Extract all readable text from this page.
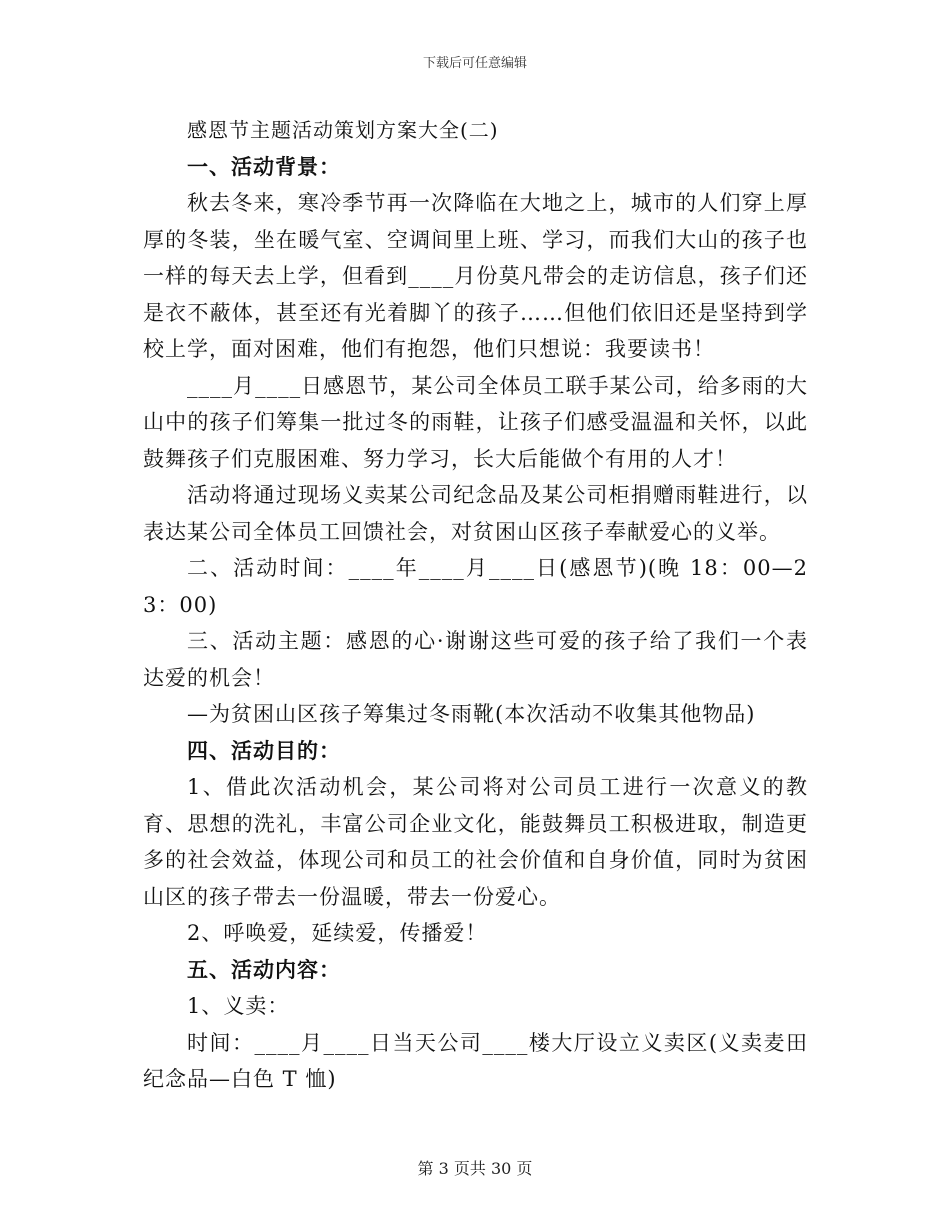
下载后可任意编辑

感恩节主题活动策划方案大全(二)

一、活动背景：

秋去冬来，寒冷季节再一次降临在大地之上，城市的人们穿上厚厚的冬装，坐在暖气室、空调间里上班、学习，而我们大山的孩子也一样的每天去上学，但看到____月份莫凡带会的走访信息，孩子们还是衣不蔽体，甚至还有光着脚丫的孩子……但他们依旧还是坚持到学校上学，面对困难，他们有抱怨，他们只想说：我要读书！

____月____日感恩节，某公司全体员工联手某公司，给多雨的大山中的孩子们筹集一批过冬的雨鞋，让孩子们感受温温和关怀，以此鼓舞孩子们克服困难、努力学习，长大后能做个有用的人才！

活动将通过现场义卖某公司纪念品及某公司柜捐赠雨鞋进行，以表达某公司全体员工回馈社会，对贫困山区孩子奉献爱心的义举。

二、活动时间：____年____月____日(感恩节)(晚 18：00—23：00)

三、活动主题：感恩的心·谢谢这些可爱的孩子给了我们一个表达爱的机会！

—为贫困山区孩子筹集过冬雨靴(本次活动不收集其他物品)

四、活动目的：

1、借此次活动机会，某公司将对公司员工进行一次意义的教育、思想的洗礼，丰富公司企业文化，能鼓舞员工积极进取，制造更多的社会效益，体现公司和员工的社会价值和自身价值，同时为贫困山区的孩子带去一份温暖，带去一份爱心。

2、呼唤爱，延续爱，传播爱！

五、活动内容：

1、义卖：

时间：____月____日当天公司____楼大厅设立义卖区(义卖麦田纪念品—白色 T 恤)

第 3 页共 30 页
